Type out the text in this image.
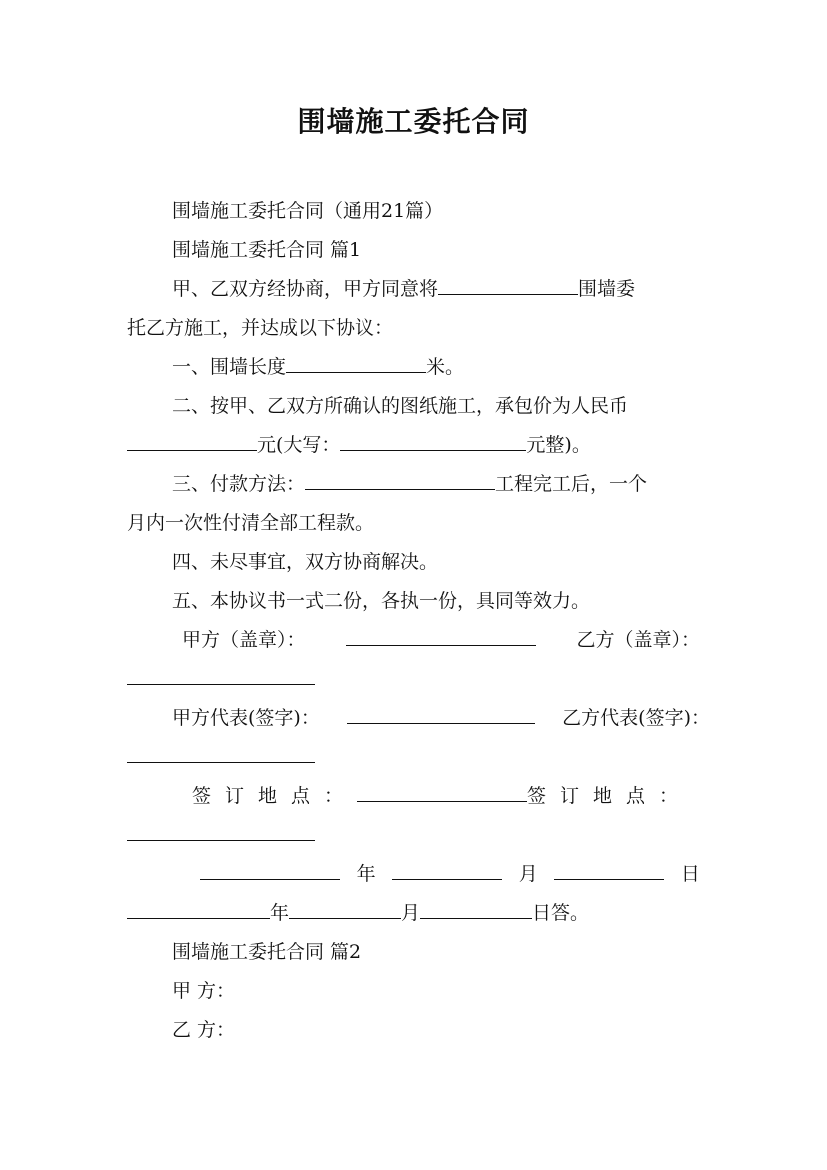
围墙施工委托合同

围墙施工委托合同（通用21篇）

围墙施工委托合同 篇1

甲、乙双方经协商，甲方同意将	围墙委

托乙方施工，并达成以下协议：

一、围墙长度	米。

二、按甲、乙双方所确认的图纸施工，承包价为人民币

元(大写：	元整)。

三、付款方法：	工程完工后，一个

月内一次性付清全部工程款。

四、未尽事宜，双方协商解决。

五、本协议书一式二份，各执一份，具同等效力。

甲方（盖章）：	乙方（盖章）：

甲方代表(签字)：	乙方代表(签字)：

签订地点：	签订地点：

年	月	日

年	月	日答。

围墙施工委托合同 篇2

甲 方：

乙 方：
